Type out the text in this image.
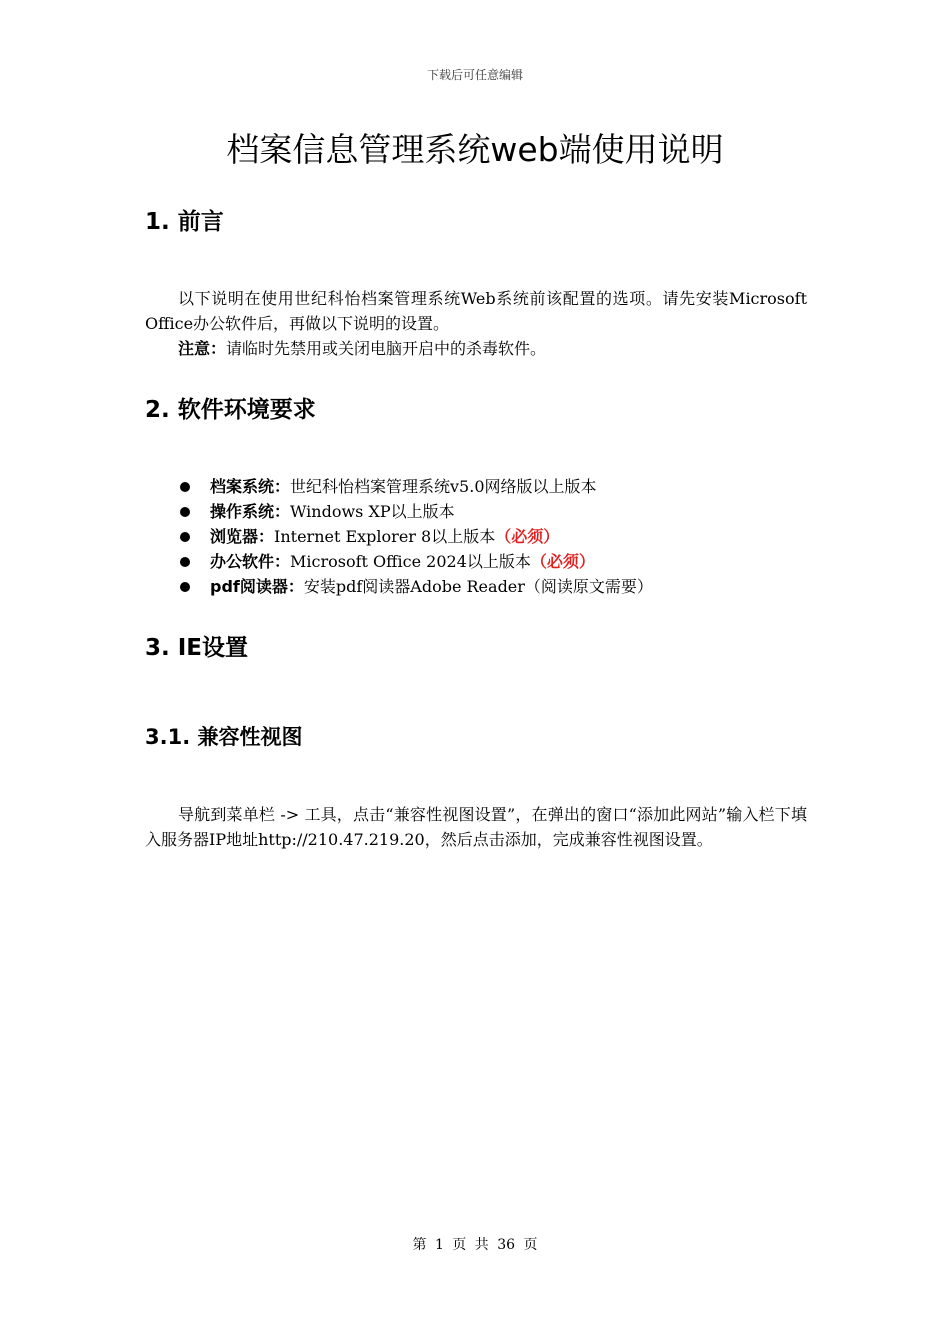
下载后可任意编辑
档案信息管理系统web端使用说明
1. 前言

以下说明在使用世纪科怡档案管理系统Web系统前该配置的选项。请先安装Microsoft Office办公软件后，再做以下说明的设置。

注意：请临时先禁用或关闭电脑开启中的杀毒软件。

2. 软件环境要求
档案系统：世纪科怡档案管理系统v5.0网络版以上版本
操作系统：Windows XP以上版本
浏览器：Internet Explorer 8以上版本（必须）
办公软件：Microsoft Office 2024以上版本（必须）
pdf阅读器：安装pdf阅读器Adobe Reader（阅读原文需要）
3. IE设置
3.1. 兼容性视图

导航到菜单栏 -> 工具，点击“兼容性视图设置”，在弹出的窗口“添加此网站”输入栏下填入服务器IP地址http://210.47.219.20，然后点击添加，完成兼容性视图设置。

第 1 页 共 36 页
